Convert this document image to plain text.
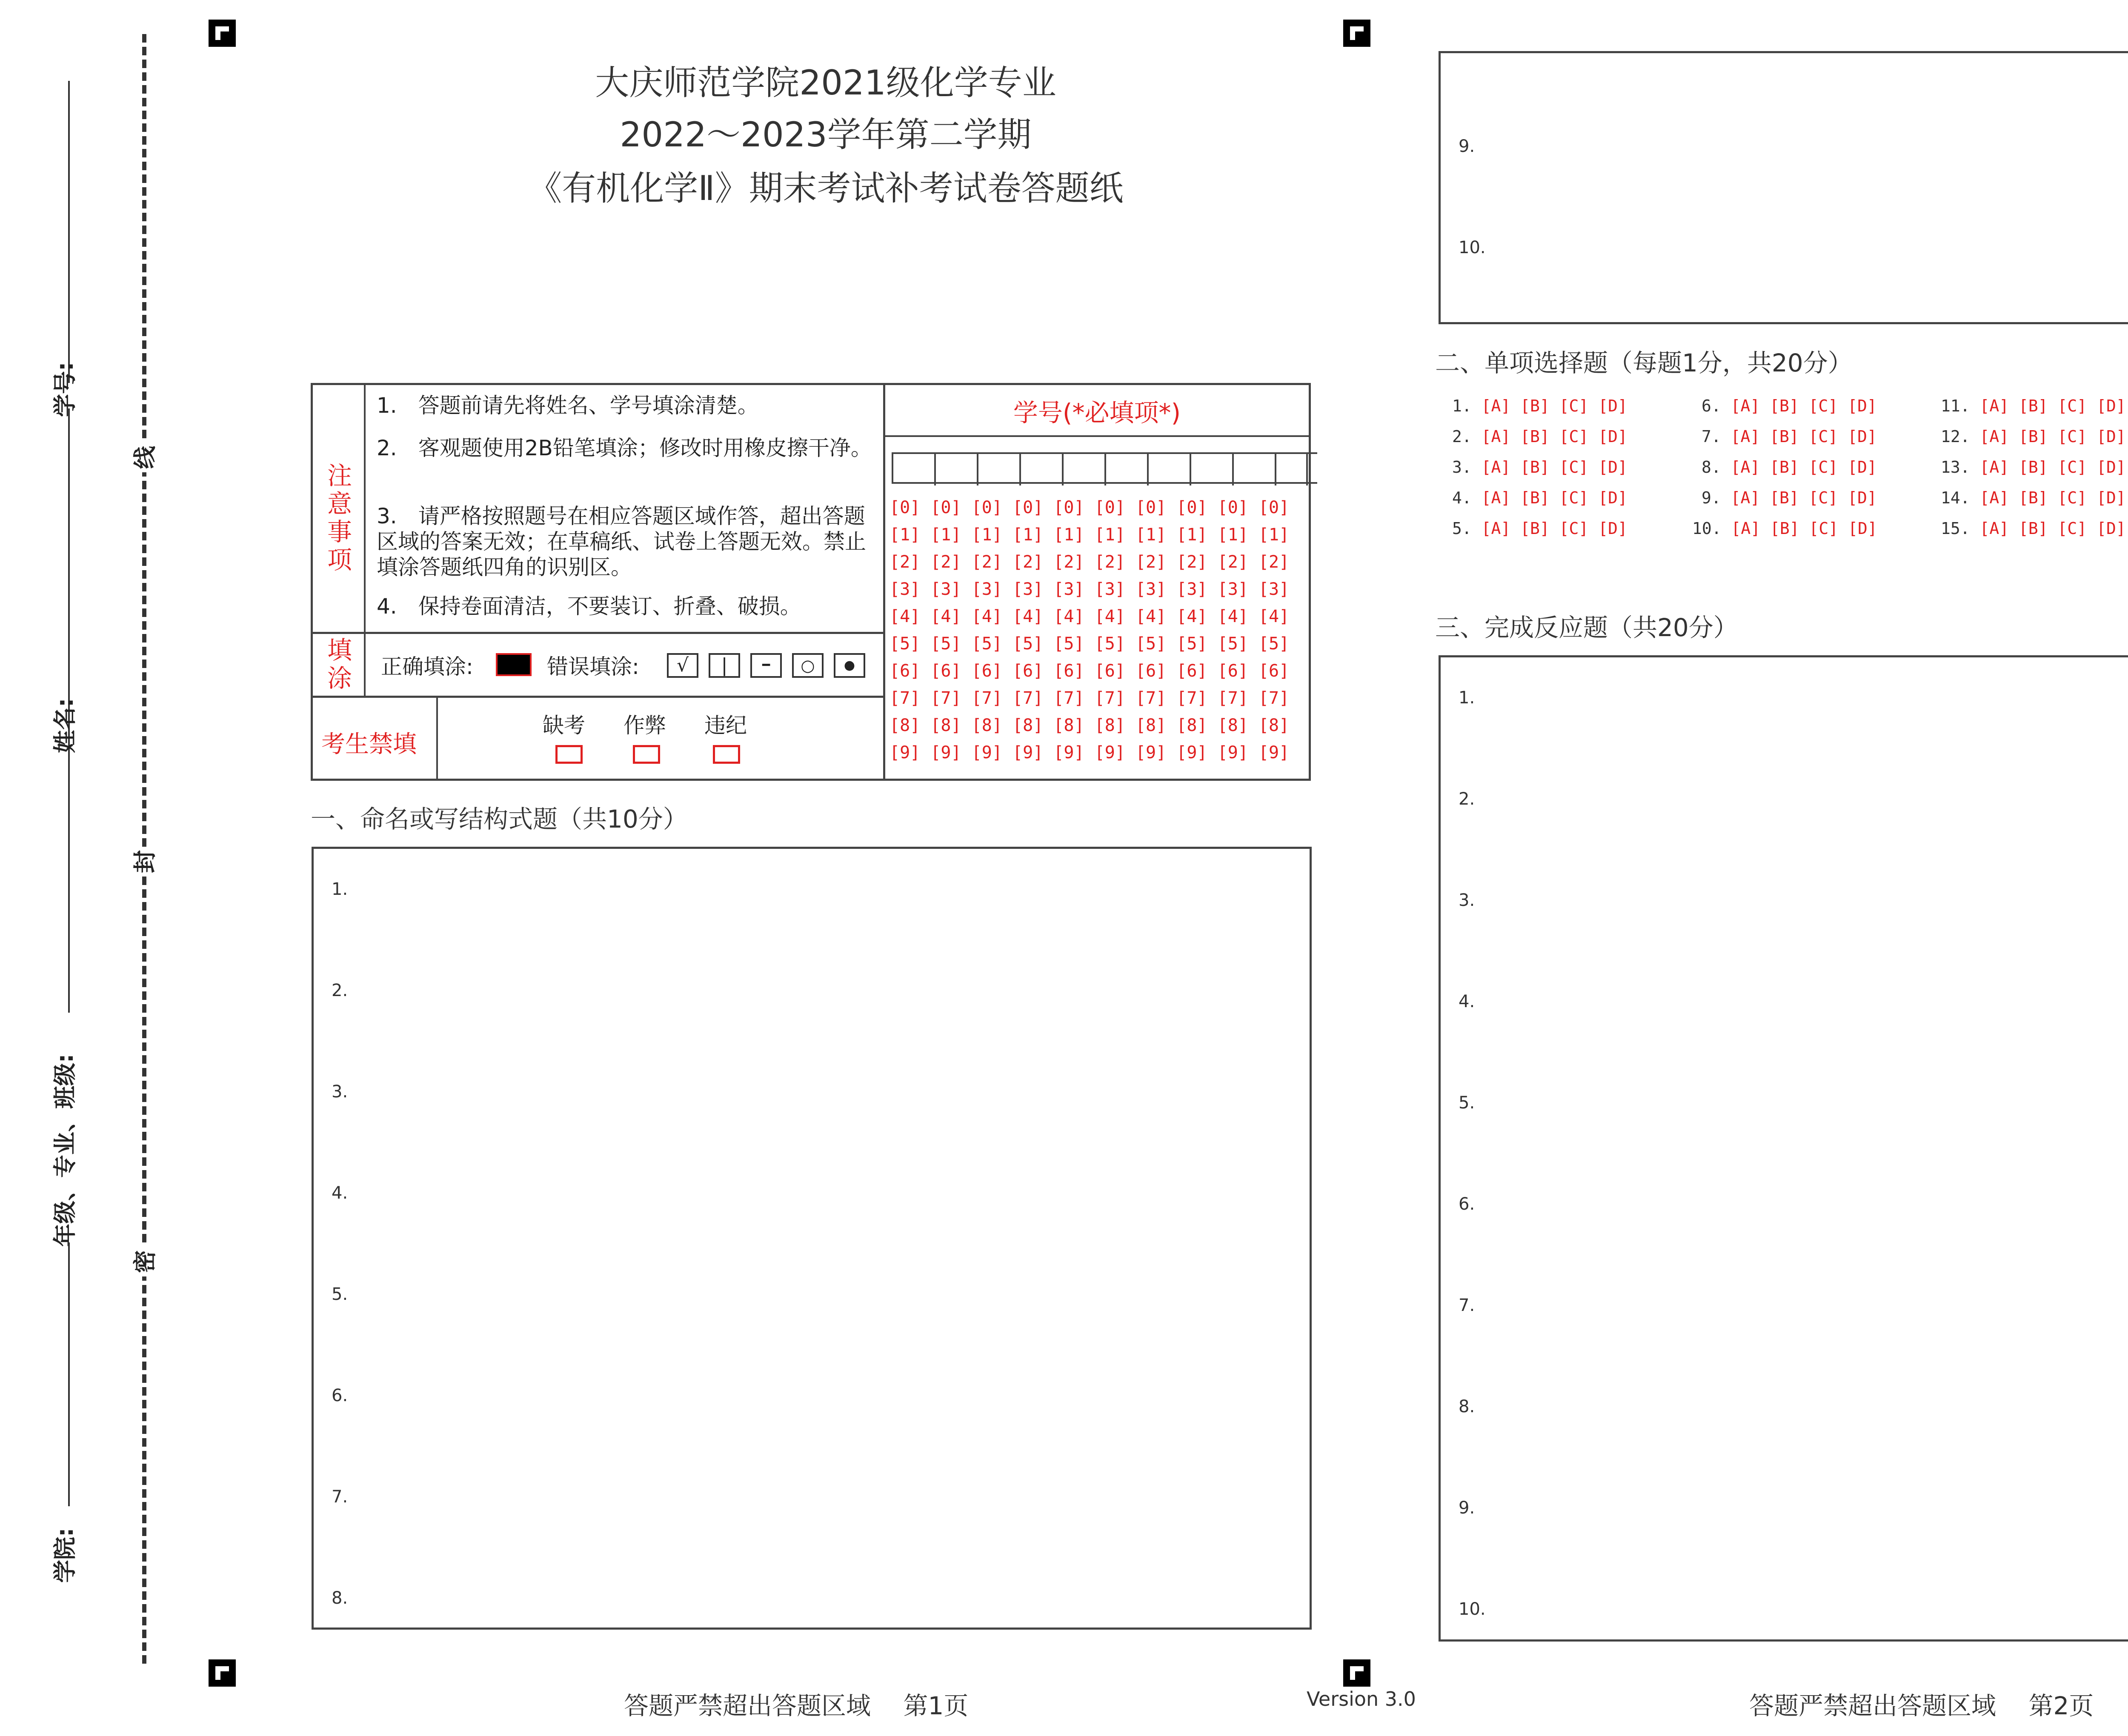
学号:
姓名:
年级、专业、班级:
学院:
线
封
密
大庆师范学院2021级化学专业
2022～2023学年第二学期
《有机化学Ⅱ》期末考试补考试卷答题纸
注意事项
1.　答题前请先将姓名、学号填涂清楚。
2.　客观题使用2B铅笔填涂；修改时用橡皮擦干净。
3.　请严格按照题号在相应答题区域作答，超出答题区域的答案无效；在草稿纸、试卷上答题无效。禁止填涂答题纸四角的识别区。
4.　保持卷面清洁，不要装订、折叠、破损。
填涂 正确填涂:	错误填涂:	√	|	━	○	●
考生禁填
缺考 作弊 违纪
学号(*必填项*)
[0] [0] [0] [0] [0] [0] [0] [0] [0] [0]
[1] [1] [1] [1] [1] [1] [1] [1] [1] [1]
[2] [2] [2] [2] [2] [2] [2] [2] [2] [2]
[3] [3] [3] [3] [3] [3] [3] [3] [3] [3]
[4] [4] [4] [4] [4] [4] [4] [4] [4] [4]
[5] [5] [5] [5] [5] [5] [5] [5] [5] [5]
[6] [6] [6] [6] [6] [6] [6] [6] [6] [6]
[7] [7] [7] [7] [7] [7] [7] [7] [7] [7]
[8] [8] [8] [8] [8] [8] [8] [8] [8] [8]
[9] [9] [9] [9] [9] [9] [9] [9] [9] [9]
一、命名或写结构式题（共10分）
1.
2.
3.
4.
5.
6.
7.
8.
9.
10.
二、单项选择题（每题1分，共20分）
1. [A] [B] [C] [D]
2. [A] [B] [C] [D]
3. [A] [B] [C] [D]
4. [A] [B] [C] [D]
5. [A] [B] [C] [D]
6. [A] [B] [C] [D]
7. [A] [B] [C] [D]
8. [A] [B] [C] [D]
9. [A] [B] [C] [D]
10. [A] [B] [C] [D]
11. [A] [B] [C] [D]
12. [A] [B] [C] [D]
13. [A] [B] [C] [D]
14. [A] [B] [C] [D]
15. [A] [B] [C] [D]

三、完成反应题（共20分）
1.
2.
3.
4.
5.
6.
7.
8.
9.
10.
答题严禁超出答题区域　 第1页	Version 3.0	答题严禁超出答题区域　 第2页
